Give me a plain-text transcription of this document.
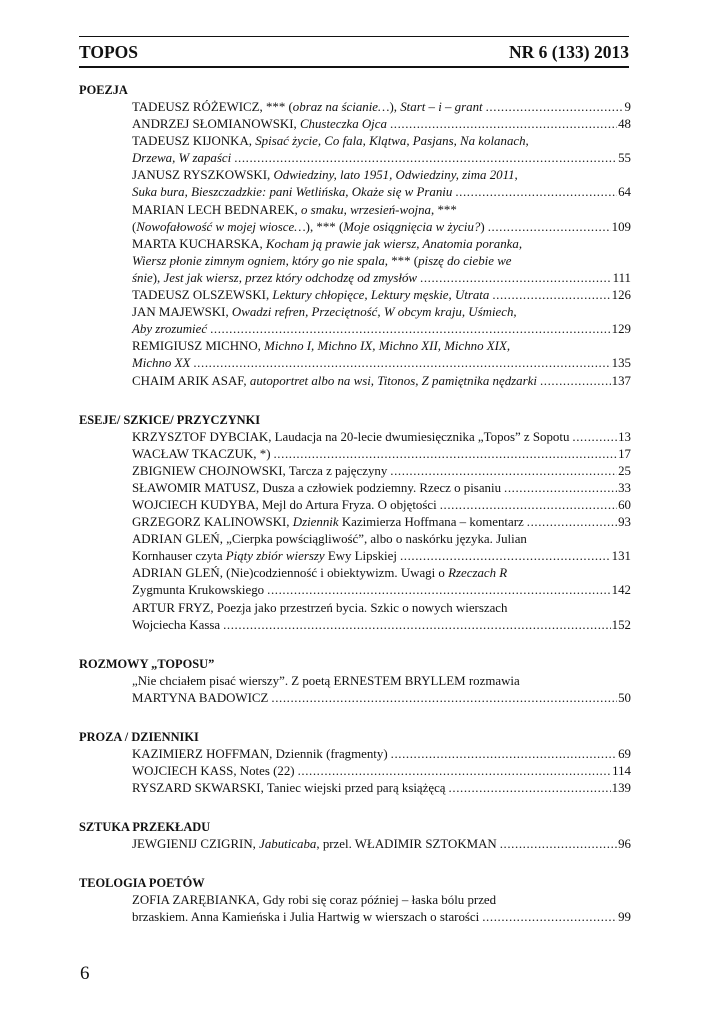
TOPOS	NR 6 (133) 2013
POEZJA
TADEUSZ RÓŻEWICZ, *** (obraz na ścianie…), Start – i – grant .....	9
ANDRZEJ SŁOMIANOWSKI, Chusteczka Ojca .....	48
TADEUSZ KIJONKA, Spisać życie, Co fala, Klątwa, Pasjans, Na kolanach,
Drzewa, W zapaści .....	55
JANUSZ RYSZKOWSKI, Odwiedziny, lato 1951, Odwiedziny, zima 2011,
Suka bura, Bieszczadzkie: pani Wetlińska, Okaże się w Praniu .....	64
MARIAN LECH BEDNAREK, o smaku, wrzesień-wojna, ***
(Nowofałowość w mojej wiosce…), *** (Moje osiągnięcia w życiu?) .....	109
MARTA KUCHARSKA, Kocham ją prawie jak wiersz, Anatomia poranka,
Wiersz płonie zimnym ogniem, który go nie spala, *** (piszę do ciebie we
śnie), Jest jak wiersz, przez który odchodzę od zmysłów .....	111
TADEUSZ OLSZEWSKI, Lektury chłopięce, Lektury męskie, Utrata .....	126
JAN MAJEWSKI, Owadzi refren, Przeciętność, W obcym kraju, Uśmiech,
Aby zrozumieć .....	129
REMIGIUSZ MICHNO, Michno I, Michno IX, Michno XII, Michno XIX,
Michno XX .....	135
CHAIM ARIK ASAF, autoportret albo na wsi, Titonos, Z pamiętnika nędzarki .....	137
ESEJE/ SZKICE/ PRZYCZYNKI
KRZYSZTOF DYBCIAK, Laudacja na 20-lecie dwumiesięcznika „Topos” z Sopotu .....	13
WACŁAW TKACZUK, *) .....	17
ZBIGNIEW CHOJNOWSKI, Tarcza z pajęczyny .....	25
SŁAWOMIR MATUSZ, Dusza a człowiek podziemny. Rzecz o pisaniu .....	33
WOJCIECH KUDYBA, Mejl do Artura Fryza. O objętości .....	60
GRZEGORZ KALINOWSKI, Dziennik Kazimierza Hoffmana – komentarz .....	93
ADRIAN GLEŃ, „Cierpka powściągliwość”, albo o naskórku języka. Julian
Kornhauser czyta Piąty zbiór wierszy Ewy Lipskiej .....	131
ADRIAN GLEŃ, (Nie)codzienność i obiektywizm. Uwagi o Rzeczach R
Zygmunta Krukowskiego .....	142
ARTUR FRYZ, Poezja jako przestrzeń bycia. Szkic o nowych wierszach
Wojciecha Kassa .....	152
ROZMOWY „TOPOSU”
„Nie chciałem pisać wierszy”. Z poetą ERNESTEM BRYLLEM rozmawia
MARTYNA BADOWICZ .....	50
PROZA / DZIENNIKI
KAZIMIERZ HOFFMAN, Dziennik (fragmenty) .....	69
WOJCIECH KASS, Notes (22) .....	114
RYSZARD SKWARSKI, Taniec wiejski przed parą książęcą .....	139
SZTUKA PRZEKŁADU
JEWGIENIJ CZIGRIN, Jabuticaba, przel. WŁADIMIR SZTOKMAN .....	96
TEOLOGIA POETÓW
ZOFIA ZARĘBIANKA, Gdy robi się coraz później – łaska bólu przed
brzaskiem. Anna Kamieńska i Julia Hartwig w wierszach o starości .....	99
6
